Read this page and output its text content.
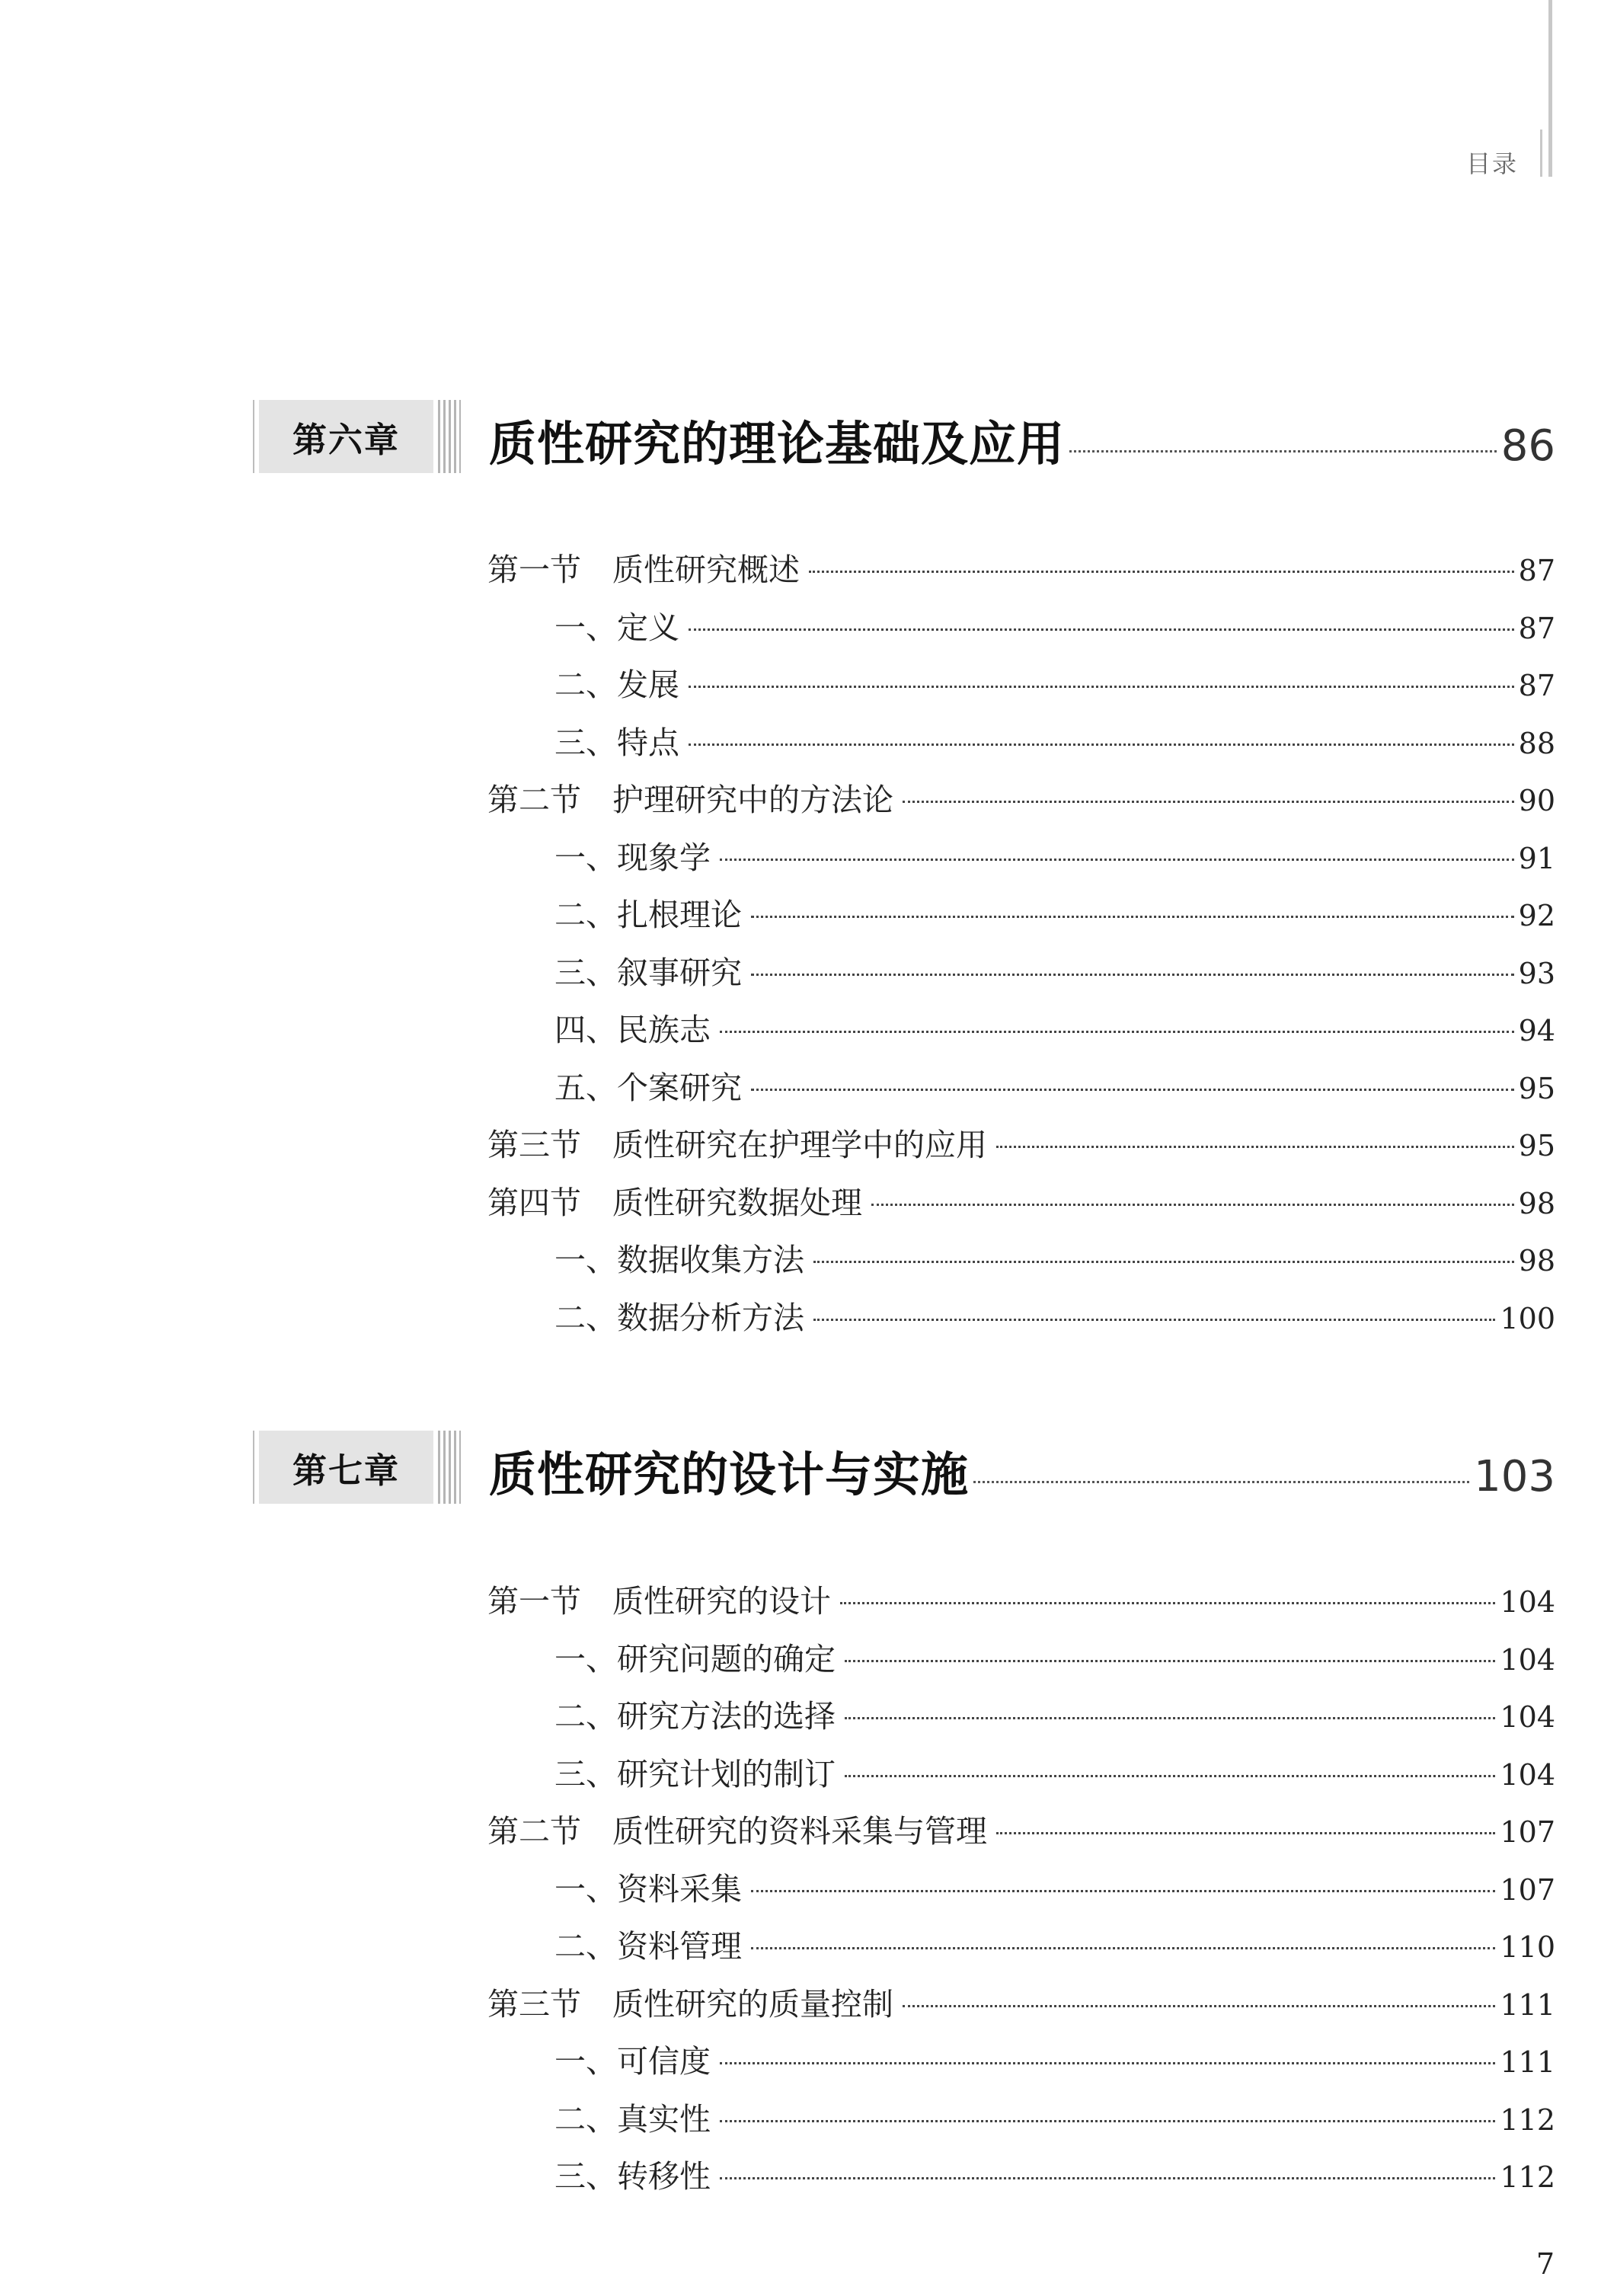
目录
第六章	质性研究的理论基础及应用	86
第一节　质性研究概述	87
一、定义	87
二、发展	87
三、特点	88
第二节　护理研究中的方法论	90
一、现象学	91
二、扎根理论	92
三、叙事研究	93
四、民族志	94
五、个案研究	95
第三节　质性研究在护理学中的应用	95
第四节　质性研究数据处理	98
一、数据收集方法	98
二、数据分析方法	100
第七章	质性研究的设计与实施	103
第一节　质性研究的设计	104
一、研究问题的确定	104
二、研究方法的选择	104
三、研究计划的制订	104
第二节　质性研究的资料采集与管理	107
一、资料采集	107
二、资料管理	110
第三节　质性研究的质量控制	111
一、可信度	111
二、真实性	112
三、转移性	112
7
